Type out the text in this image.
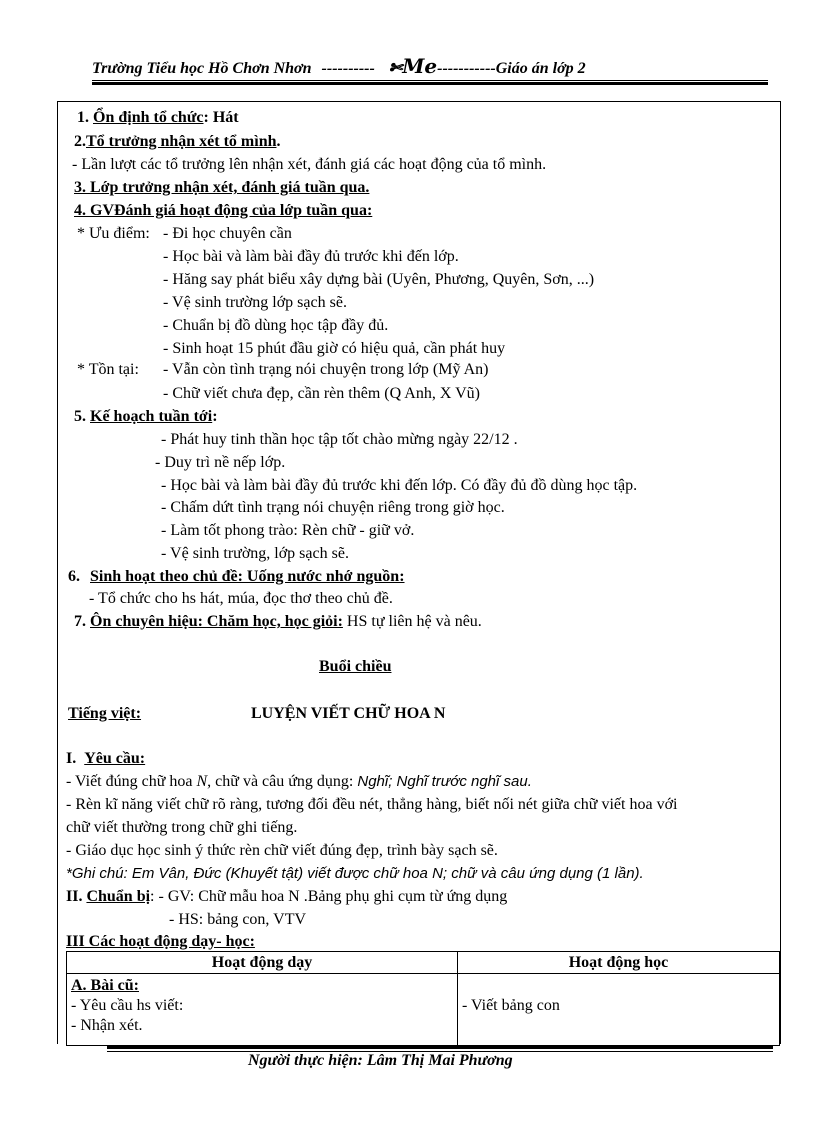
Trường Tiểu học Hồ Chơn Nhơn ---------- ✄Me-----------Giáo án lớp 2
1. Ổn định tổ chức: Hát
2.Tổ trưởng nhận xét tổ mình.
- Lần lượt các tổ trưởng lên nhận xét, đánh giá các hoạt động của tổ mình.
3. Lớp trưởng nhận xét, đánh giá tuần qua.
4. GVĐánh giá hoạt động của lớp tuần qua:
* Ưu điểm: - Đi học chuyên cần
- Học bài và làm bài đầy đủ trước khi đến lớp.
- Hăng say phát biểu xây dựng bài (Uyên, Phương, Quyên, Sơn, ...)
- Vệ sinh trường lớp sạch sẽ.
- Chuẩn bị đồ dùng học tập đầy đủ.
- Sinh hoạt 15 phút đầu giờ có hiệu quả, cần phát huy
* Tồn tại: - Vẫn còn tình trạng nói chuyện trong lớp (Mỹ An)
- Chữ viết chưa đẹp, cần rèn thêm (Q Anh, X Vũ)
5. Kế hoạch tuần tới:
- Phát huy tinh thần học tập tốt chào mừng ngày 22/12 .
- Duy trì nề nếp lớp.
- Học bài và làm bài đầy đủ trước khi đến lớp. Có đầy đủ đồ dùng học tập.
- Chấm dứt tình trạng nói chuyện riêng trong giờ học.
- Làm tốt phong trào: Rèn chữ - giữ vở.
- Vệ sinh trường, lớp sạch sẽ.
6. Sinh hoạt theo chủ đề: Uống nước nhớ nguồn:
- Tổ chức cho hs hát, múa, đọc thơ theo chủ đề.
7. Ôn chuyên hiệu: Chăm học, học giỏi: HS tự liên hệ và nêu.
Buổi chiều
Tiếng việt:	LUYỆN VIẾT CHỮ HOA N
I. Yêu cầu:
- Viết đúng chữ hoa N, chữ và câu ứng dụng: Nghĩ; Nghĩ trước nghĩ sau.
- Rèn kĩ năng viết chữ rõ ràng, tương đối đều nét, thẳng hàng, biết nối nét giữa chữ viết hoa với
chữ viết thường trong chữ ghi tiếng.
- Giáo dục học sinh ý thức rèn chữ viết đúng đẹp, trình bày sạch sẽ.
*Ghi chú: Em Vân, Đức (Khuyết tật) viết được chữ hoa N; chữ và câu ứng dụng (1 lần).
II. Chuẩn bị: - GV: Chữ mẫu hoa N .Bảng phụ ghi cụm từ ứng dụng
- HS: bảng con, VTV
III Các hoạt động dạy- học:
Hoạt động dạy	Hoạt động học

A. Bài cũ:
- Yêu cầu hs viết:
- Nhận xét.	- Viết bảng con
Người thực hiện: Lâm Thị Mai Phương
